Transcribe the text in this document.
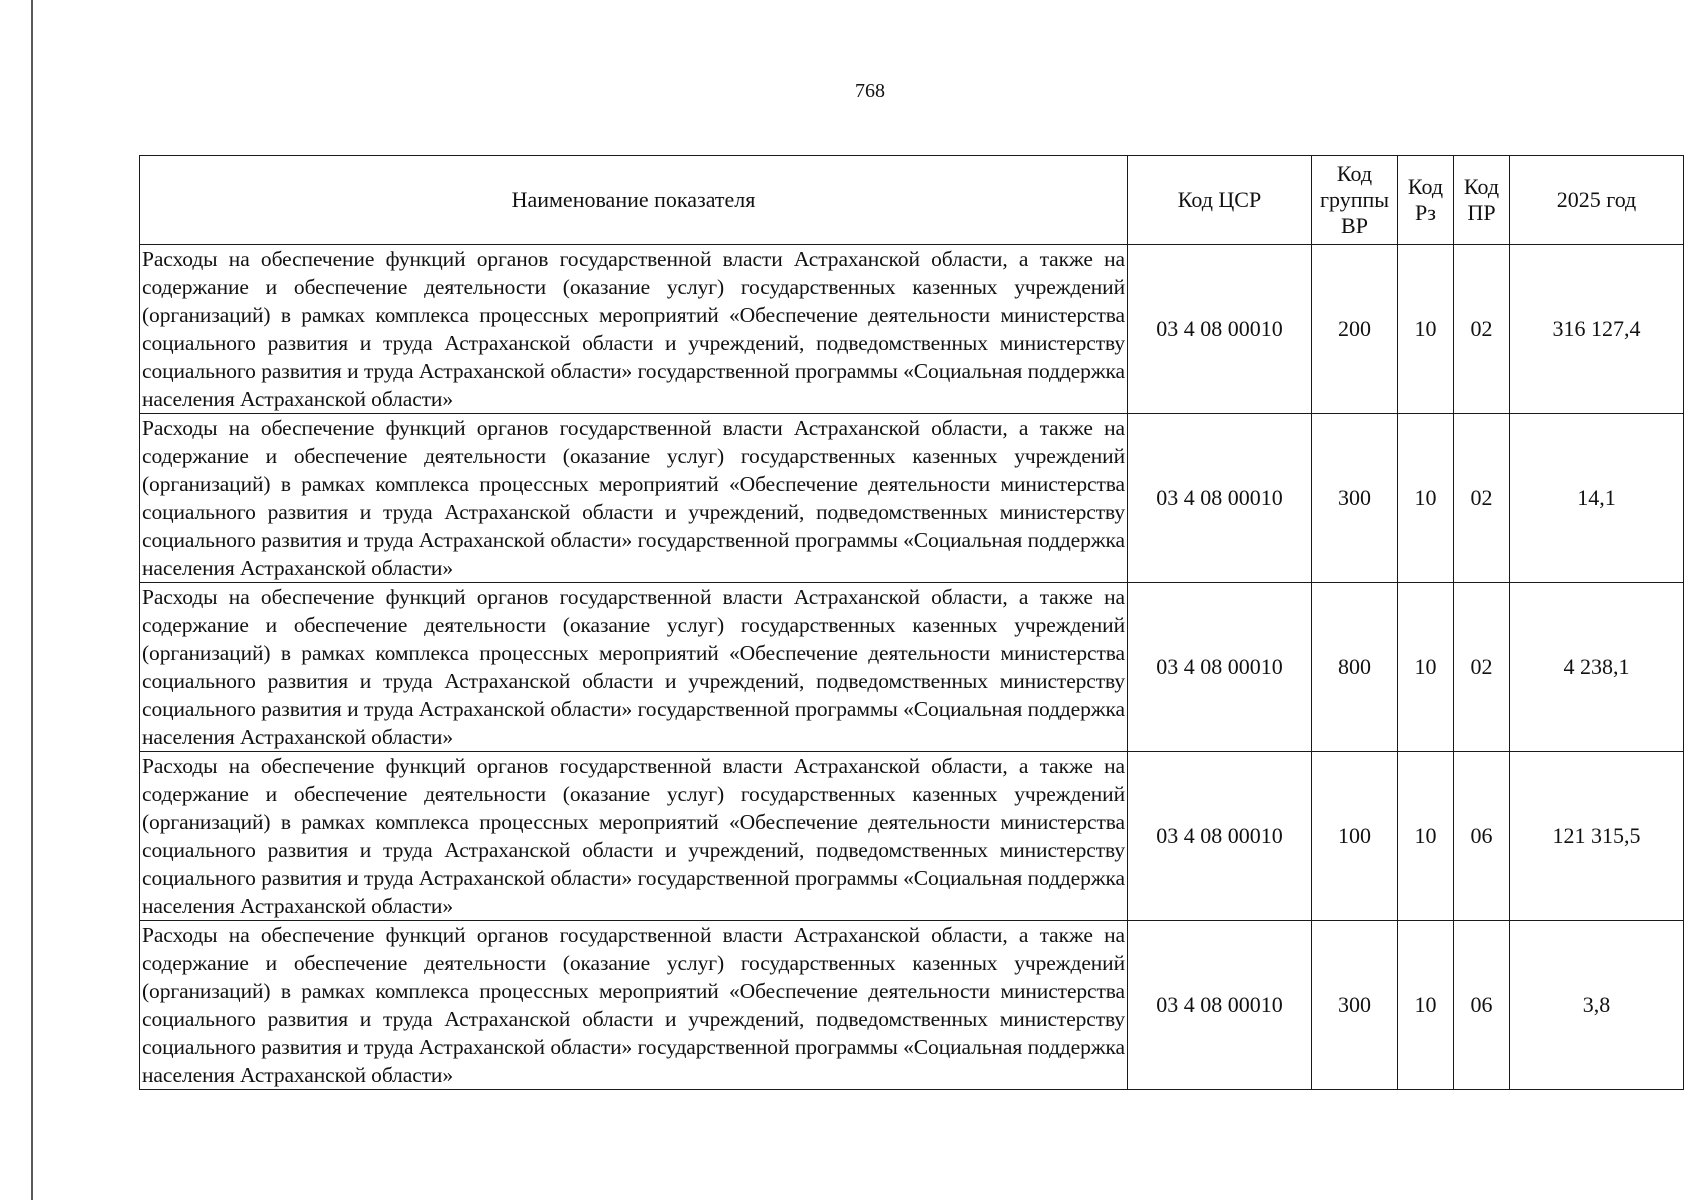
768
Наименование показателя	Код ЦСР	Код группы ВР	Код Рз	Код ПР	2025 год
Расходы на обеспечение функций органов государственной власти Астраханской области, а также на содержание и обеспечение деятельности (оказание услуг) государственных казенных учреждений (организаций) в рамках комплекса процессных мероприятий «Обеспечение деятельности министерства социального развития и труда Астраханской области и учреждений, подведомственных министерству социального развития и труда Астраханской области» государственной программы «Социальная поддержка населения Астраханской области»	03 4 08 00010	200	10	02	316 127,4
Расходы на обеспечение функций органов государственной власти Астраханской области, а также на содержание и обеспечение деятельности (оказание услуг) государственных казенных учреждений (организаций) в рамках комплекса процессных мероприятий «Обеспечение деятельности министерства социального развития и труда Астраханской области и учреждений, подведомственных министерству социального развития и труда Астраханской области» государственной программы «Социальная поддержка населения Астраханской области»	03 4 08 00010	300	10	02	14,1
Расходы на обеспечение функций органов государственной власти Астраханской области, а также на содержание и обеспечение деятельности (оказание услуг) государственных казенных учреждений (организаций) в рамках комплекса процессных мероприятий «Обеспечение деятельности министерства социального развития и труда Астраханской области и учреждений, подведомственных министерству социального развития и труда Астраханской области» государственной программы «Социальная поддержка населения Астраханской области»	03 4 08 00010	800	10	02	4 238,1
Расходы на обеспечение функций органов государственной власти Астраханской области, а также на содержание и обеспечение деятельности (оказание услуг) государственных казенных учреждений (организаций) в рамках комплекса процессных мероприятий «Обеспечение деятельности министерства социального развития и труда Астраханской области и учреждений, подведомственных министерству социального развития и труда Астраханской области» государственной программы «Социальная поддержка населения Астраханской области»	03 4 08 00010	100	10	06	121 315,5
Расходы на обеспечение функций органов государственной власти Астраханской области, а также на содержание и обеспечение деятельности (оказание услуг) государственных казенных учреждений (организаций) в рамках комплекса процессных мероприятий «Обеспечение деятельности министерства социального развития и труда Астраханской области и учреждений, подведомственных министерству социального развития и труда Астраханской области» государственной программы «Социальная поддержка населения Астраханской области»	03 4 08 00010	300	10	06	3,8
